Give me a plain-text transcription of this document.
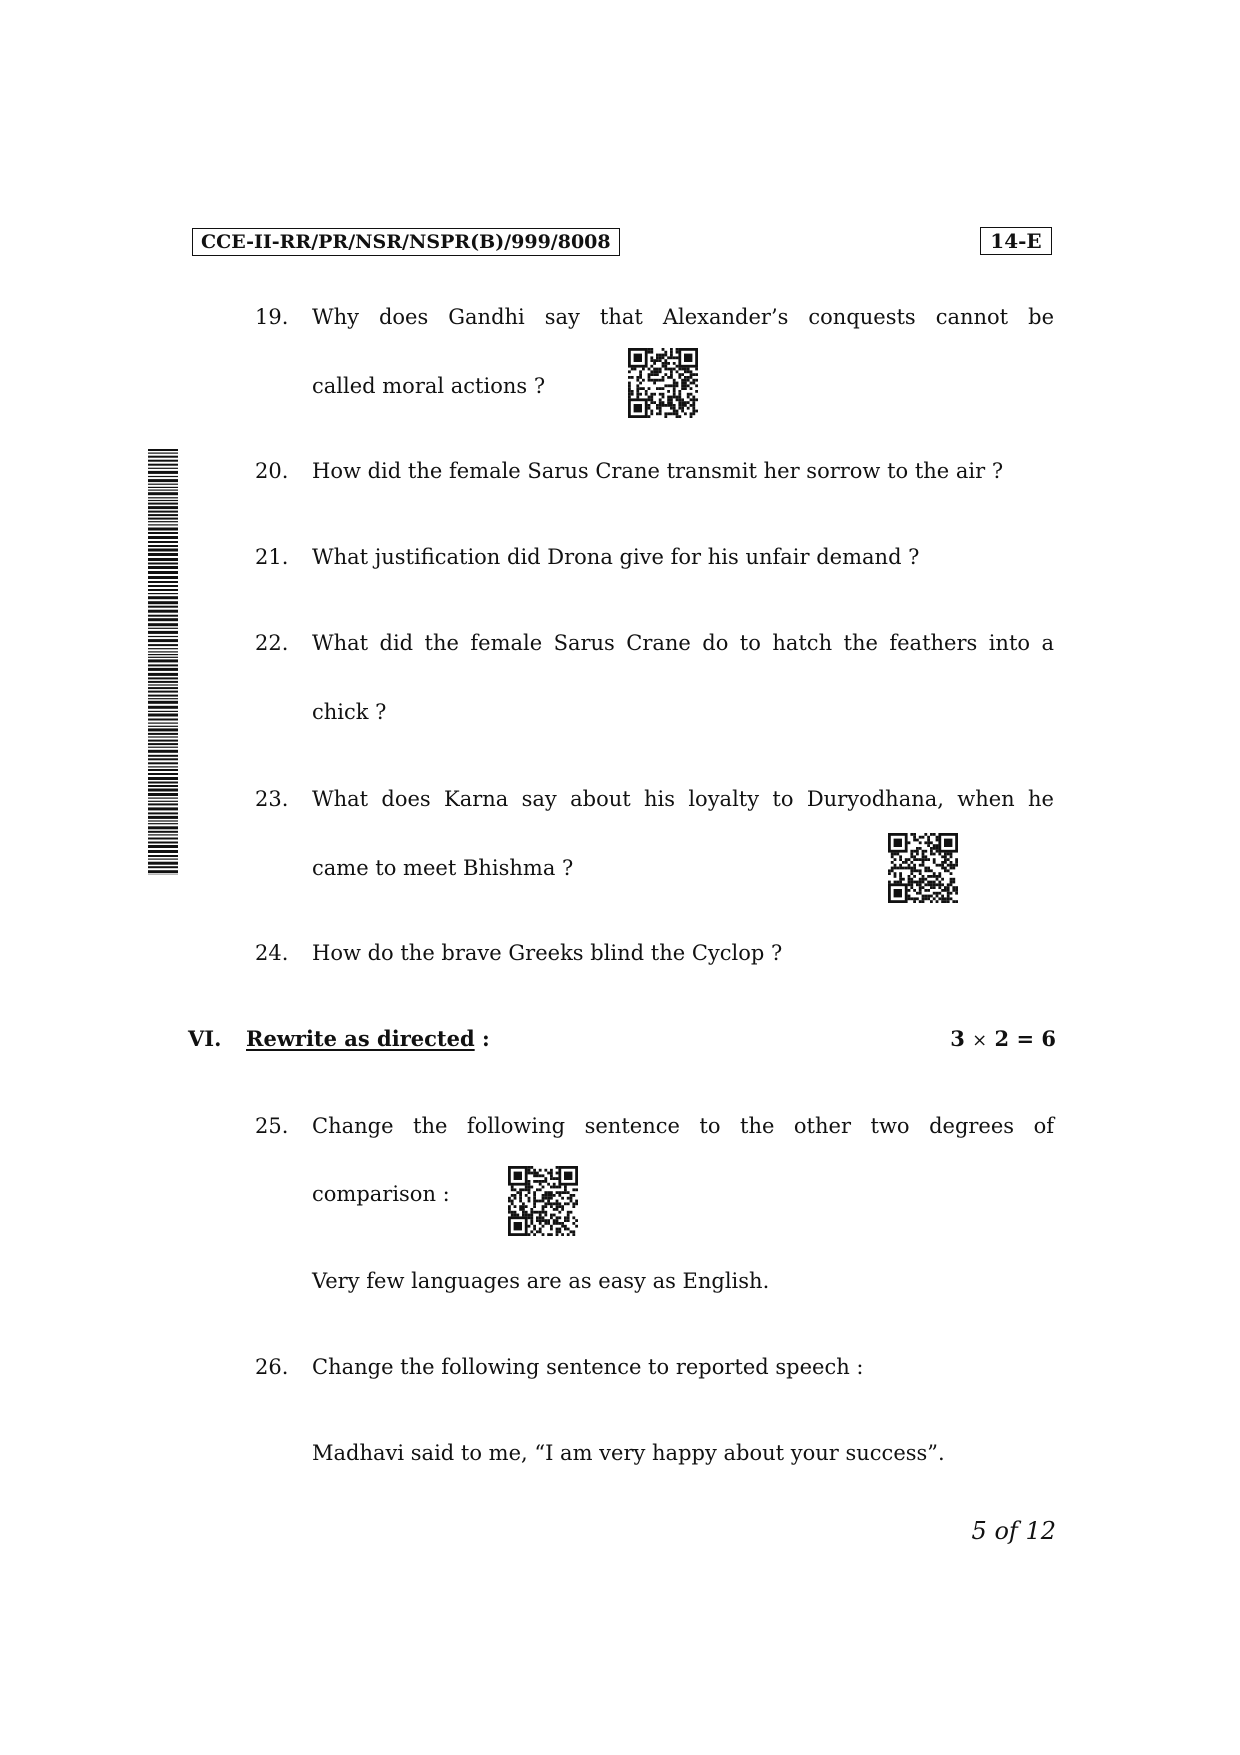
CCE-II-RR/PR/NSR/NSPR(B)/999/8008	14-E
19. Why does Gandhi say that Alexander’s conquests cannot be
called moral actions ?
20. How did the female Sarus Crane transmit her sorrow to the air ?
21. What justification did Drona give for his unfair demand ?
22. What did the female Sarus Crane do to hatch the feathers into a
chick ?
23. What does Karna say about his loyalty to Duryodhana, when he
came to meet Bhishma ?
24. How do the brave Greeks blind the Cyclop ?
VI. Rewrite as directed :	3 × 2 = 6
25. Change the following sentence to the other two degrees of
comparison :
Very few languages are as easy as English.
26. Change the following sentence to reported speech :
Madhavi said to me, “I am very happy about your success”.
5 of 12
